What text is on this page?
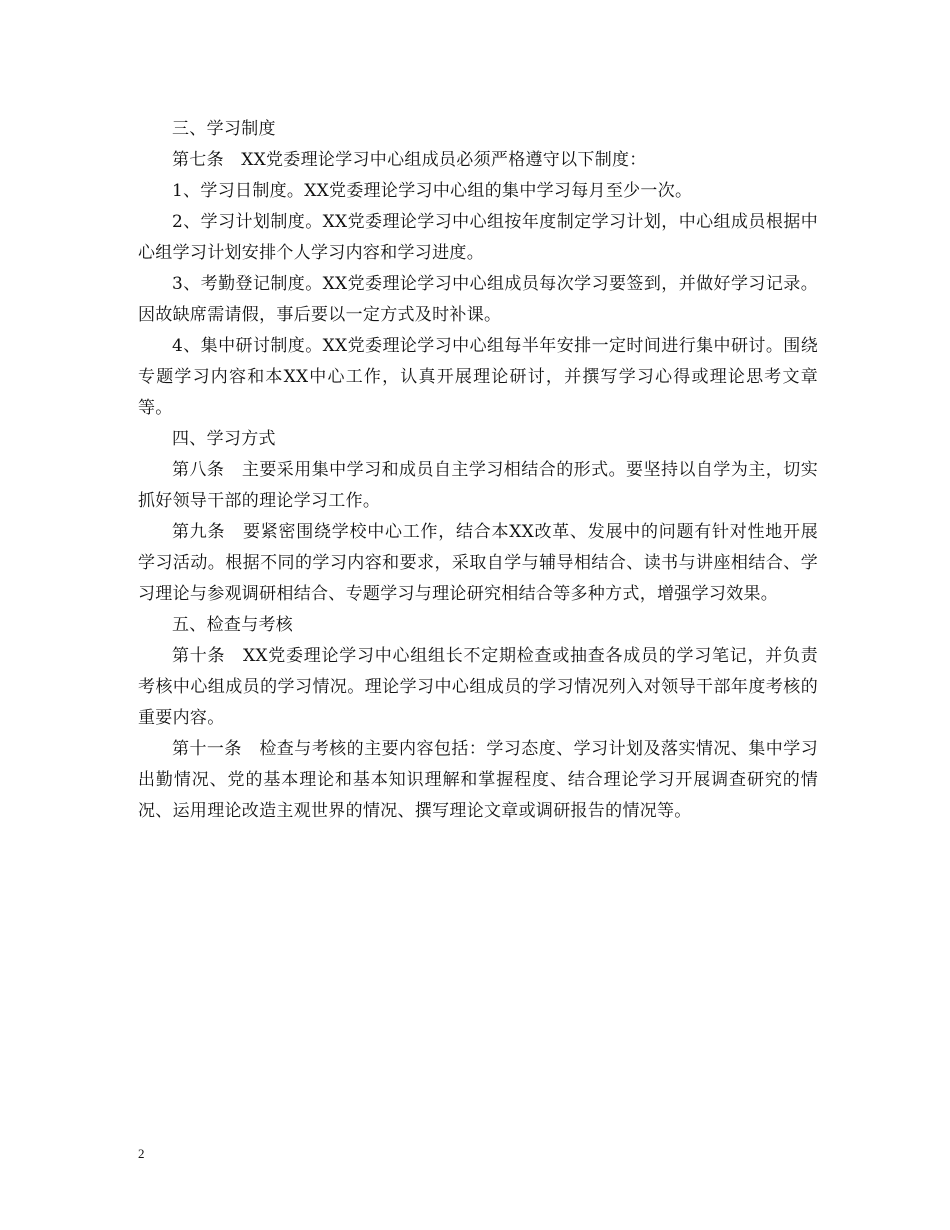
三、学习制度

第七条　XX党委理论学习中心组成员必须严格遵守以下制度：

1、学习日制度。XX党委理论学习中心组的集中学习每月至少一次。

2、学习计划制度。XX党委理论学习中心组按年度制定学习计划，中心组成员根据中心组学习计划安排个人学习内容和学习进度。

3、考勤登记制度。XX党委理论学习中心组成员每次学习要签到，并做好学习记录。因故缺席需请假，事后要以一定方式及时补课。

4、集中研讨制度。XX党委理论学习中心组每半年安排一定时间进行集中研讨。围绕专题学习内容和本XX中心工作，认真开展理论研讨，并撰写学习心得或理论思考文章等。

四、学习方式

第八条　主要采用集中学习和成员自主学习相结合的形式。要坚持以自学为主，切实抓好领导干部的理论学习工作。

第九条　要紧密围绕学校中心工作，结合本XX改革、发展中的问题有针对性地开展学习活动。根据不同的学习内容和要求，采取自学与辅导相结合、读书与讲座相结合、学习理论与参观调研相结合、专题学习与理论研究相结合等多种方式，增强学习效果。

五、检查与考核

第十条　XX党委理论学习中心组组长不定期检查或抽查各成员的学习笔记，并负责考核中心组成员的学习情况。理论学习中心组成员的学习情况列入对领导干部年度考核的重要内容。

第十一条　检查与考核的主要内容包括：学习态度、学习计划及落实情况、集中学习出勤情况、党的基本理论和基本知识理解和掌握程度、结合理论学习开展调查研究的情况、运用理论改造主观世界的情况、撰写理论文章或调研报告的情况等。

2
